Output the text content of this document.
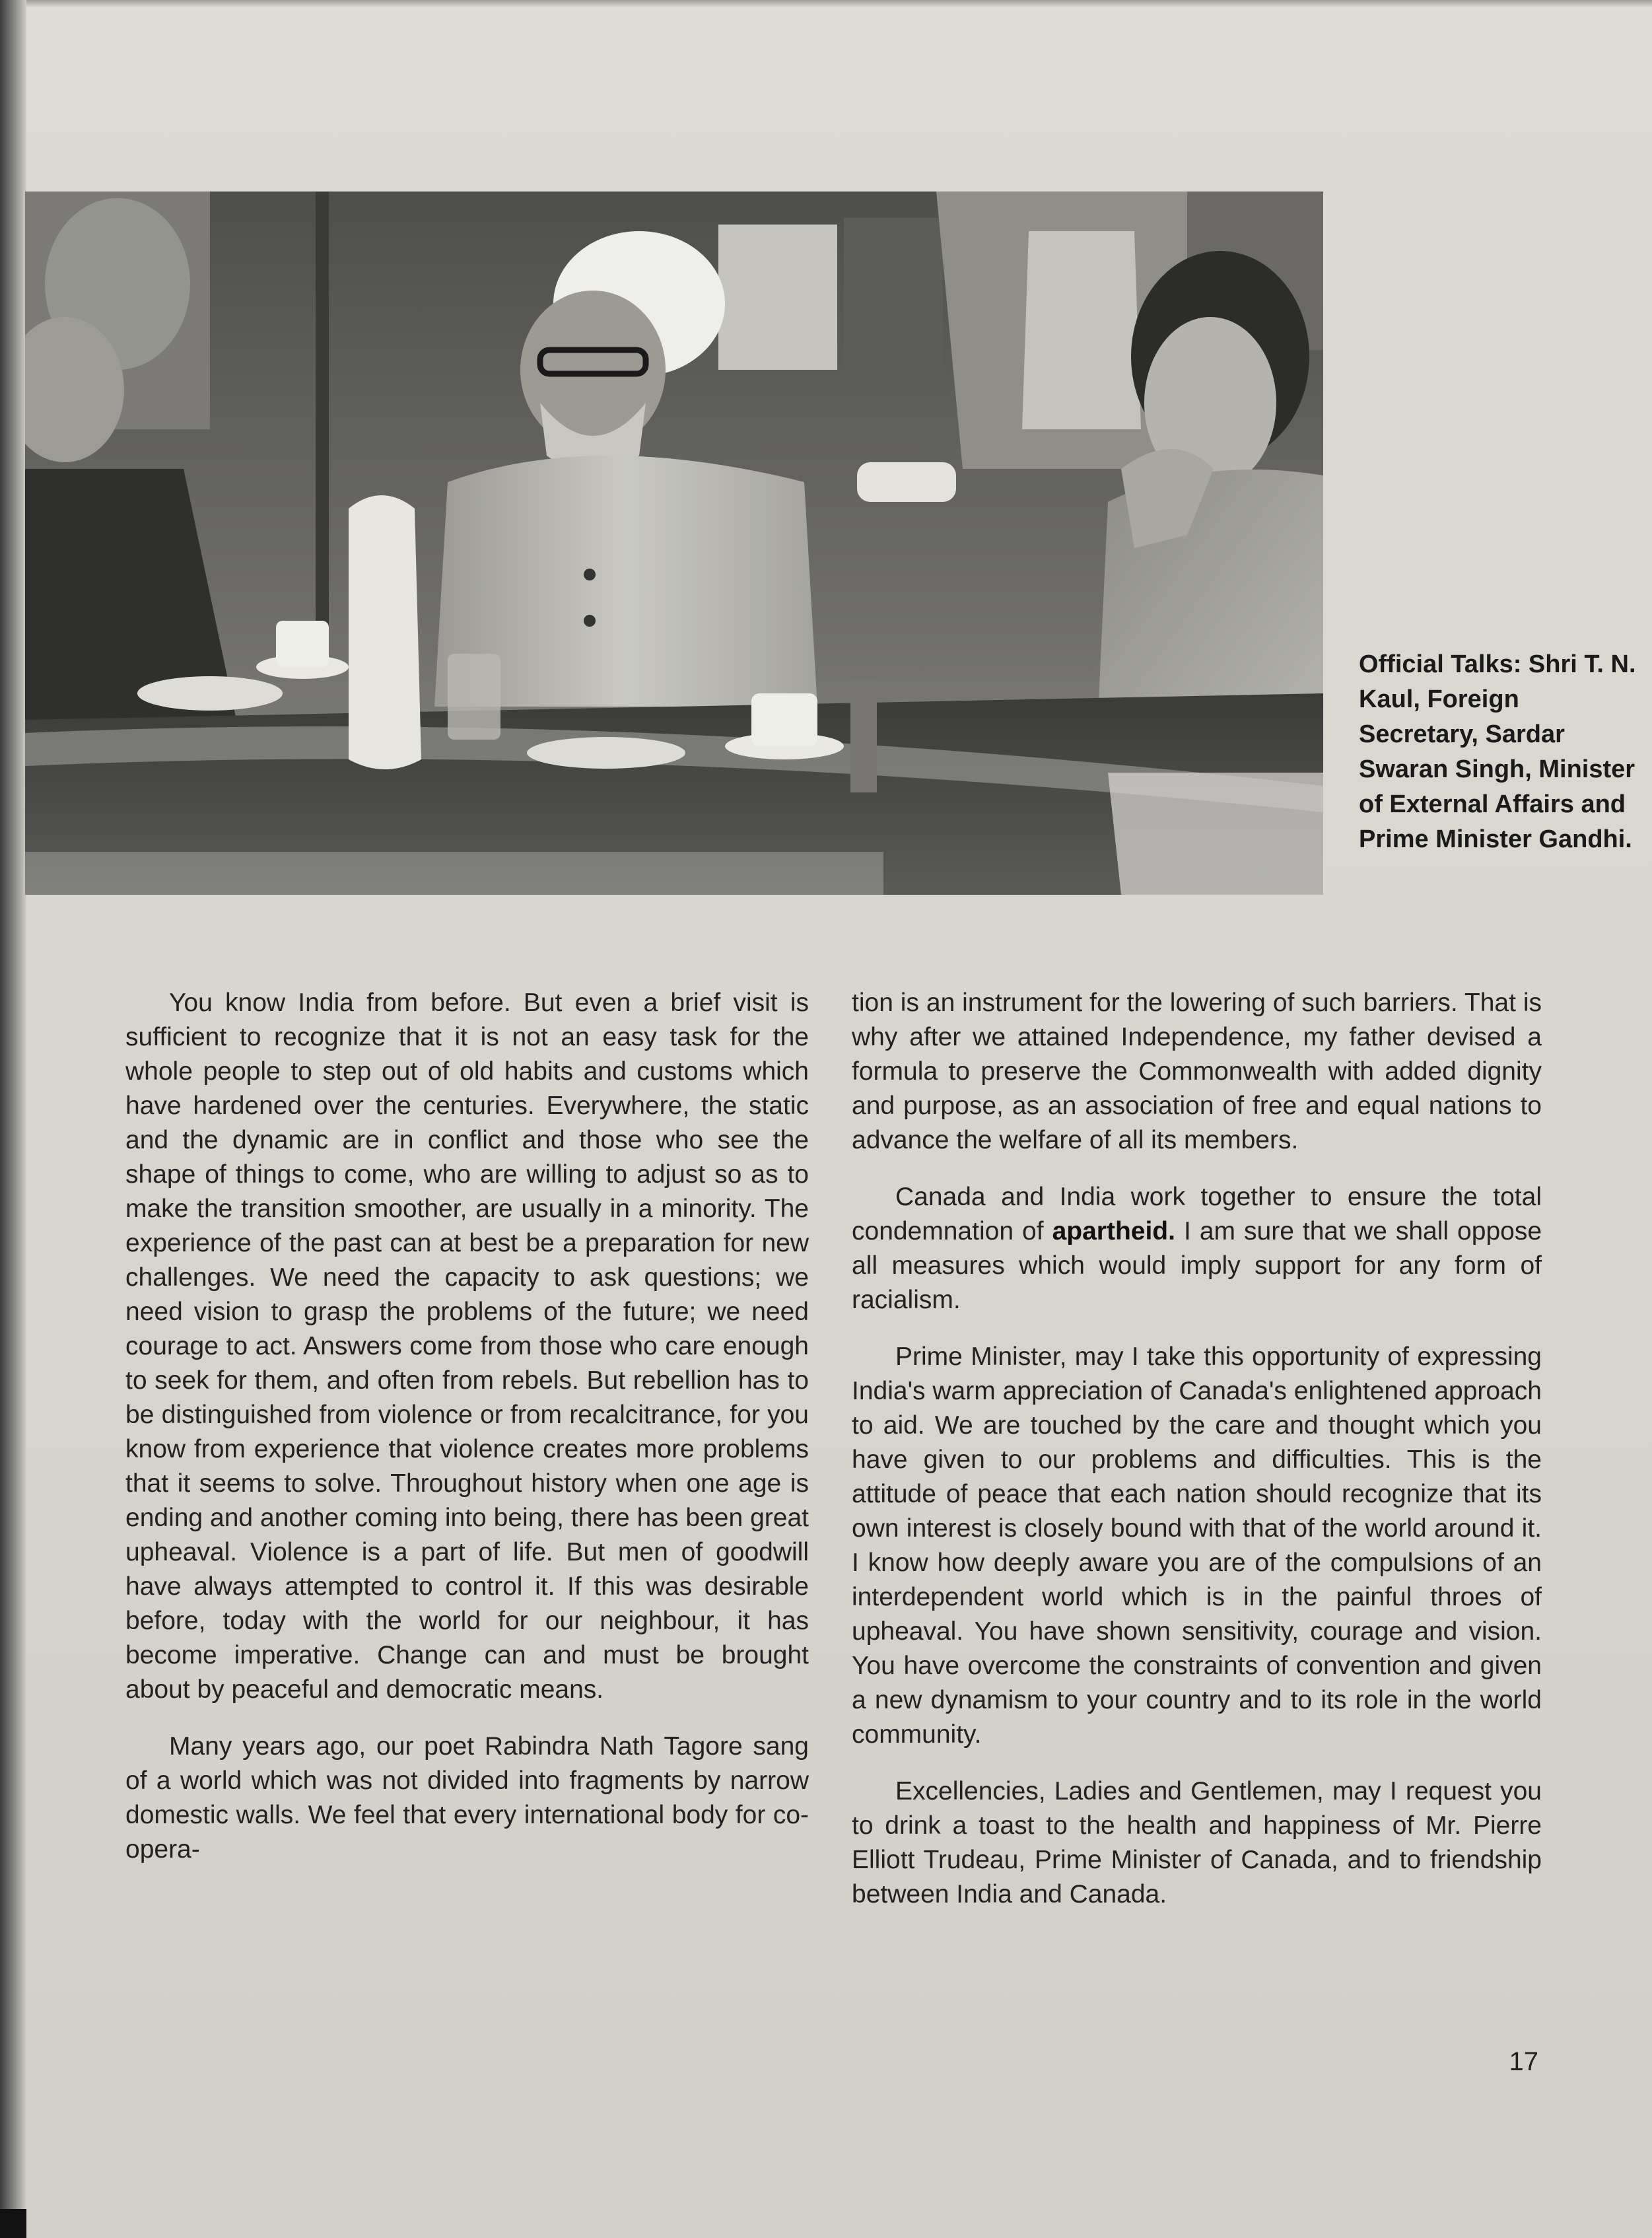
Official Talks: Shri T. N. Kaul, Foreign Secretary, Sardar Swaran Singh, Minister of External Affairs and Prime Minister Gandhi.

You know India from before. But even a brief visit is sufficient to recognize that it is not an easy task for the whole people to step out of old habits and customs which have hardened over the centuries. Everywhere, the static and the dynamic are in conflict and those who see the shape of things to come, who are willing to adjust so as to make the transition smoother, are usually in a minority. The experience of the past can at best be a preparation for new challenges. We need the capacity to ask questions; we need vision to grasp the problems of the future; we need courage to act. Answers come from those who care enough to seek for them, and often from rebels. But rebellion has to be distinguished from violence or from recalcitrance, for you know from experience that violence creates more problems that it seems to solve. Throughout history when one age is ending and another coming into being, there has been great upheaval. Violence is a part of life. But men of goodwill have always attempted to control it. If this was desirable before, today with the world for our neighbour, it has become imperative. Change can and must be brought about by peaceful and democratic means.

Many years ago, our poet Rabindra Nath Tagore sang of a world which was not divided into fragments by narrow domestic walls. We feel that every international body for co-opera-

tion is an instrument for the lowering of such barriers. That is why after we attained Independence, my father devised a formula to preserve the Commonwealth with added dignity and purpose, as an association of free and equal nations to advance the welfare of all its members.

Canada and India work together to ensure the total condemnation of apartheid. I am sure that we shall oppose all measures which would imply support for any form of racialism.

Prime Minister, may I take this opportunity of expressing India's warm appreciation of Canada's enlightened approach to aid. We are touched by the care and thought which you have given to our problems and difficulties. This is the attitude of peace that each nation should recognize that its own interest is closely bound with that of the world around it. I know how deeply aware you are of the compulsions of an interdependent world which is in the painful throes of upheaval. You have shown sensitivity, courage and vision. You have overcome the constraints of convention and given a new dynamism to your country and to its role in the world community.

Excellencies, Ladies and Gentlemen, may I request you to drink a toast to the health and happiness of Mr. Pierre Elliott Trudeau, Prime Minister of Canada, and to friendship between India and Canada.

17
